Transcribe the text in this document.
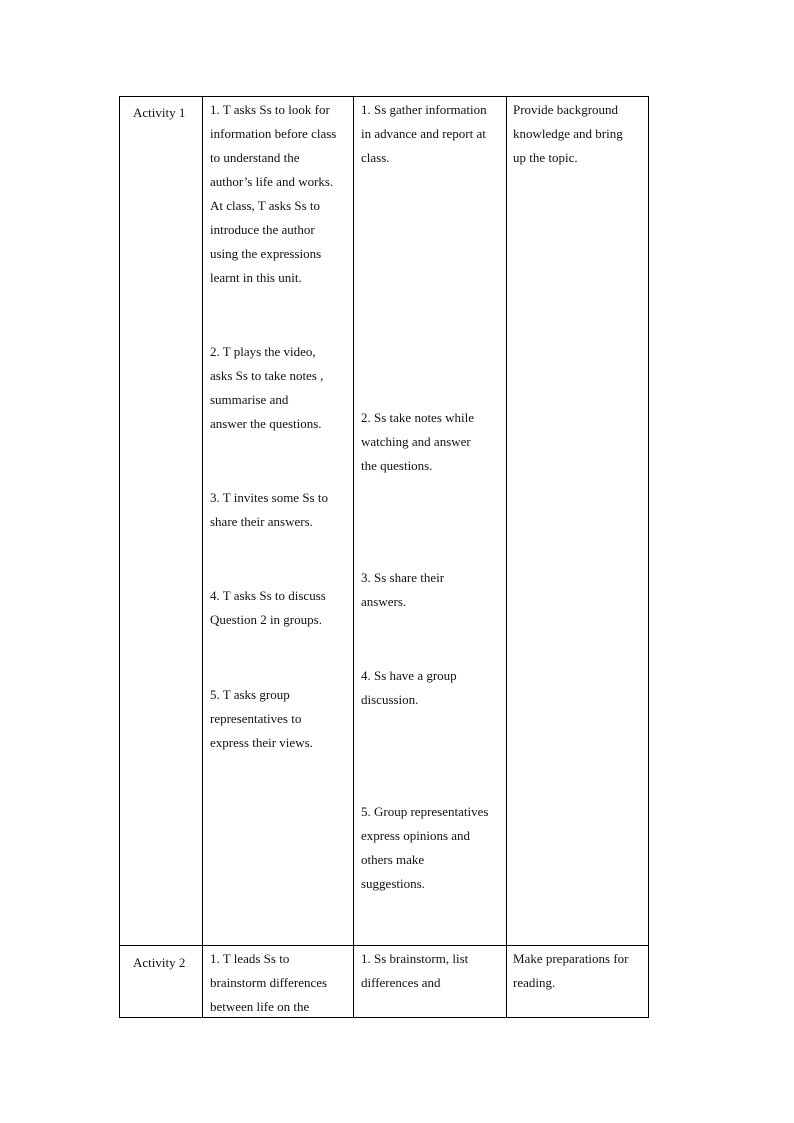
Activity 1 1. T asks Ss to look for
information before class
to understand the
author’s life and works.
At class, T asks Ss to
introduce the author
using the expressions
learnt in this unit.

2. T plays the video,
asks Ss to take notes ,
summarise and
answer the questions.

3. T invites some Ss to
share their answers.

4. T asks Ss to discuss
Question 2 in groups.

5. T asks group
representatives to
express their views.

1. Ss gather information
in advance and report at
class.

2. Ss take notes while
watching and answer
the questions.

3. Ss share their
answers.

4. Ss have a group
discussion.

5. Group representatives
express opinions and
others make
suggestions.

Provide background
knowledge and bring
up the topic.

Activity 2 1. T leads Ss to
brainstorm differences
between life on the

1. Ss brainstorm, list
differences and

Make preparations for
reading.
